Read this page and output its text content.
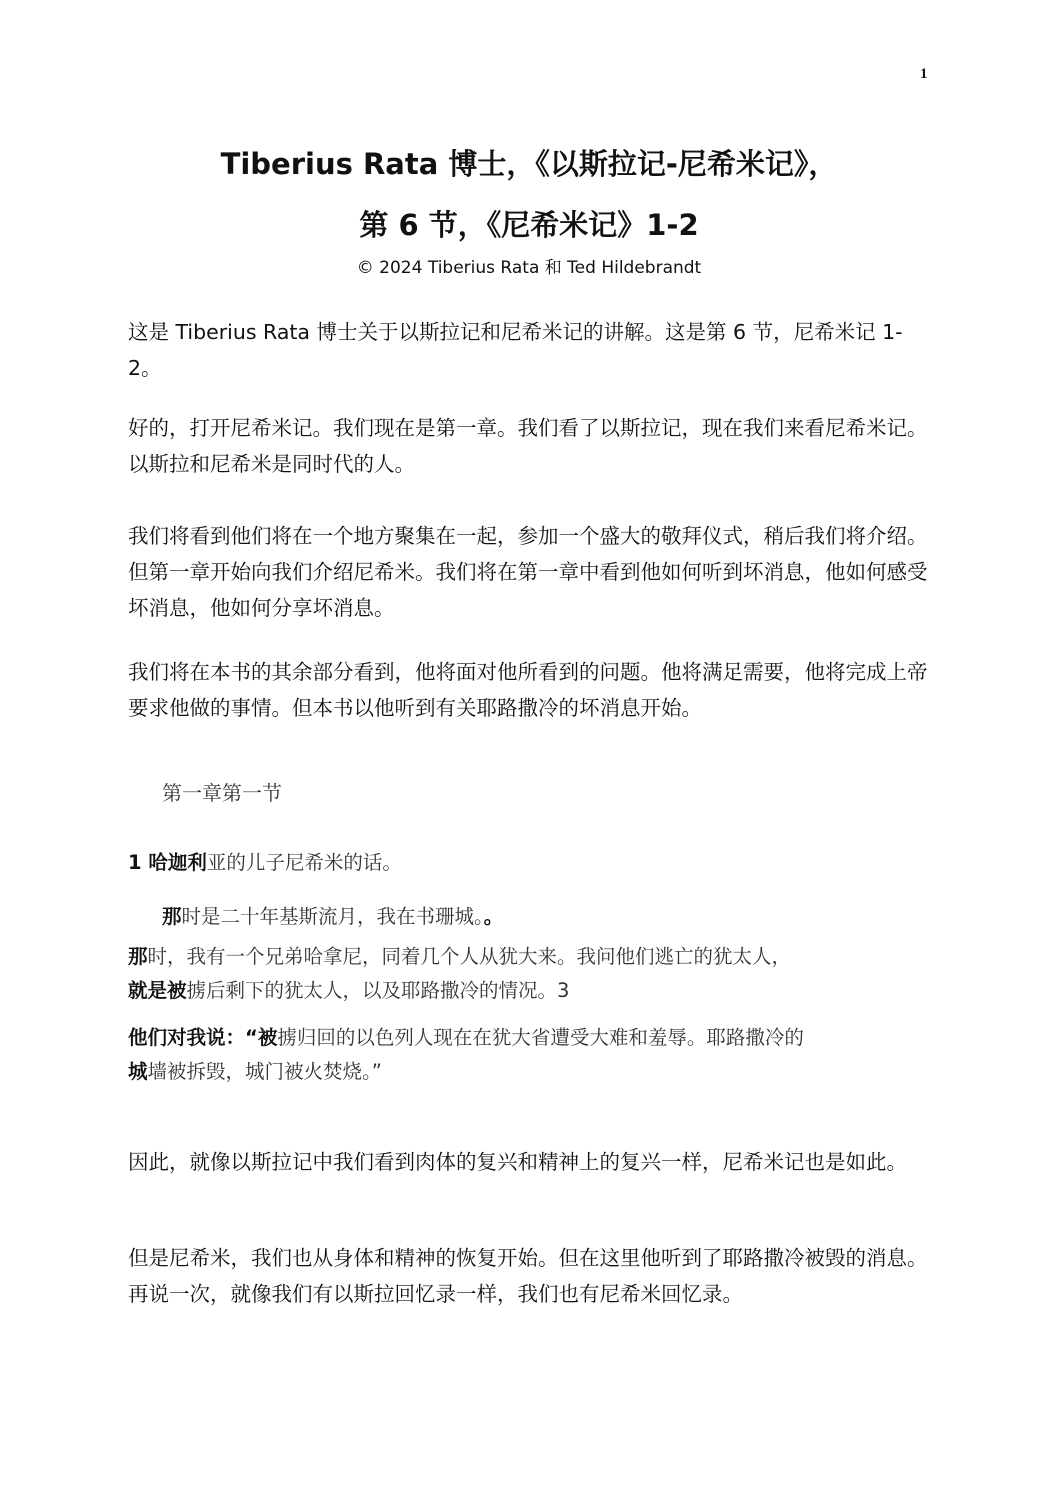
1
Tiberius Rata 博士，《以斯拉记-尼希米记》，
第 6 节，《尼希米记》1-2
© 2024 Tiberius Rata 和 Ted Hildebrandt

这是 Tiberius Rata 博士关于以斯拉记和尼希米记的讲解。这是第 6 节，尼希米记 1-2。

好的，打开尼希米记。我们现在是第一章。我们看了以斯拉记，现在我们来看尼希米记。以斯拉和尼希米是同时代的人。

我们将看到他们将在一个地方聚集在一起，参加一个盛大的敬拜仪式，稍后我们将介绍。但第一章开始向我们介绍尼希米。我们将在第一章中看到他如何听到坏消息，他如何感受坏消息，他如何分享坏消息。

我们将在本书的其余部分看到，他将面对他所看到的问题。他将满足需要，他将完成上帝要求他做的事情。但本书以他听到有关耶路撒冷的坏消息开始。

第一章第一节

1 哈迦利亚的儿子尼希米的话。

那时是二十年基斯流月，我在书珊城。。

那时，我有一个兄弟哈拿尼，同着几个人从犹大来。我问他们逃亡的犹太人，
就是被掳后剩下的犹太人，以及耶路撒冷的情况。3

他们对我说：“被掳归回的以色列人现在在犹大省遭受大难和羞辱。耶路撒冷的
城墙被拆毁，城门被火焚烧。”

因此，就像以斯拉记中我们看到肉体的复兴和精神上的复兴一样，尼希米记也是如此。

但是尼希米，我们也从身体和精神的恢复开始。但在这里他听到了耶路撒冷被毁的消息。再说一次，就像我们有以斯拉回忆录一样，我们也有尼希米回忆录。
